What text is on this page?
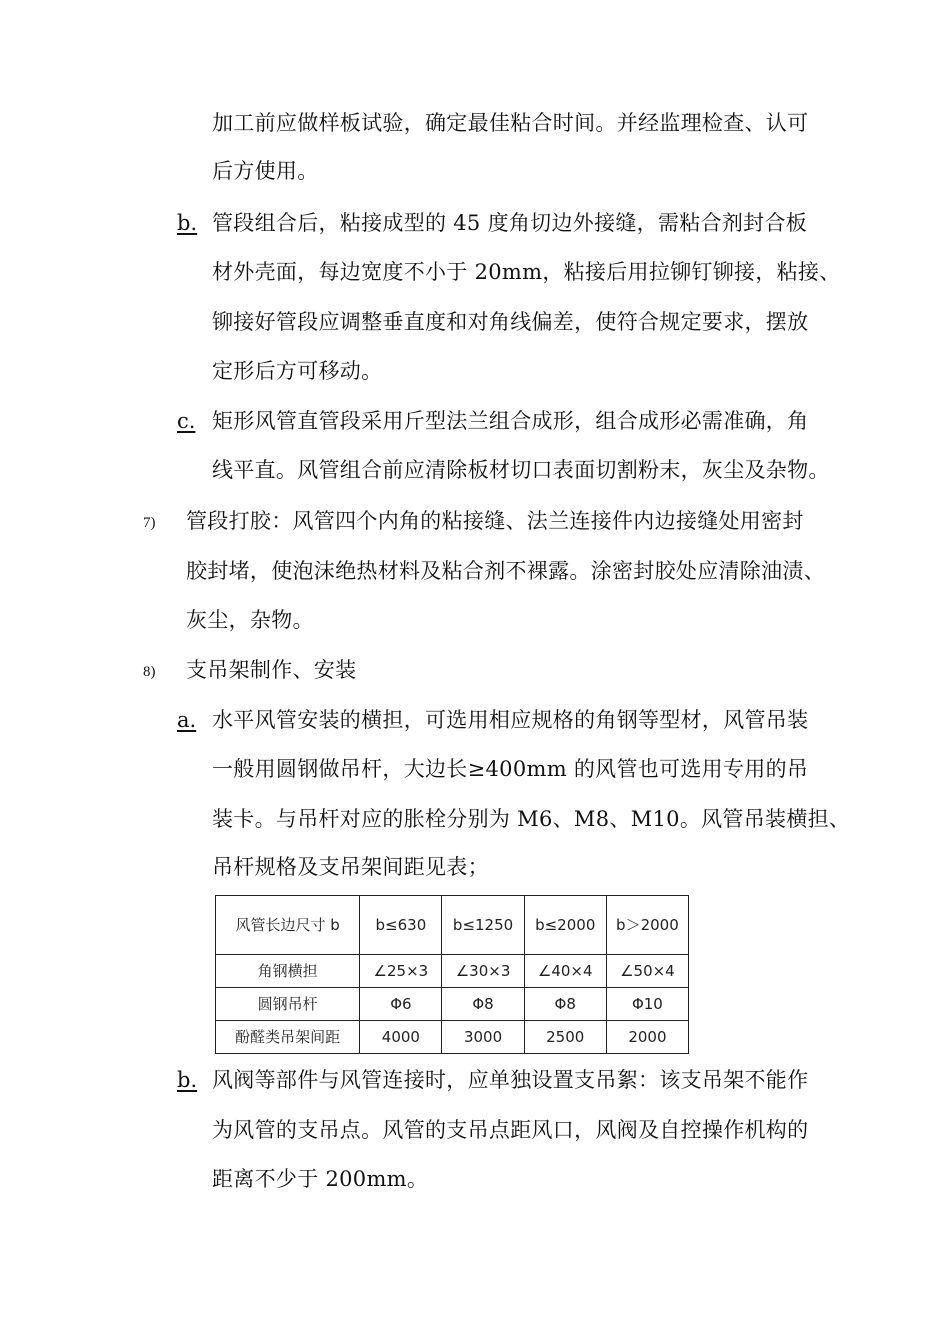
加工前应做样板试验，确定最佳粘合时间。并经监理检查、认可
后方使用。
b. 管段组合后，粘接成型的 45 度角切边外接缝，需粘合剂封合板
材外壳面，每边宽度不小于 20mm，粘接后用拉铆钉铆接，粘接、
铆接好管段应调整垂直度和对角线偏差，使符合规定要求，摆放
定形后方可移动。
c. 矩形风管直管段采用斤型法兰组合成形，组合成形必需准确，角
线平直。风管组合前应清除板材切口表面切割粉末，灰尘及杂物。
7) 管段打胶：风管四个内角的粘接缝、法兰连接件内边接缝处用密封
胶封堵，使泡沫绝热材料及粘合剂不裸露。涂密封胶处应清除油渍、
灰尘，杂物。
8) 支吊架制作、安装
a. 水平风管安装的横担，可选用相应规格的角钢等型材，风管吊装
一般用圆钢做吊杆，大边长≥400mm 的风管也可选用专用的吊
装卡。与吊杆对应的胀栓分别为 M6、M8、M10。风管吊装横担、
吊杆规格及支吊架间距见表；
风管长边尺寸 b	b≤630	b≤1250	b≤2000	b＞2000
角钢横担	∠25×3	∠30×3	∠40×4	∠50×4
圆钢吊杆	Φ6	Φ8	Φ8	Φ10
酚醛类吊架间距	4000	3000	2500	2000
b. 风阀等部件与风管连接时，应单独设置支吊絮：该支吊架不能作
为风管的支吊点。风管的支吊点距风口，风阀及自控操作机构的
距离不少于 200mm。
